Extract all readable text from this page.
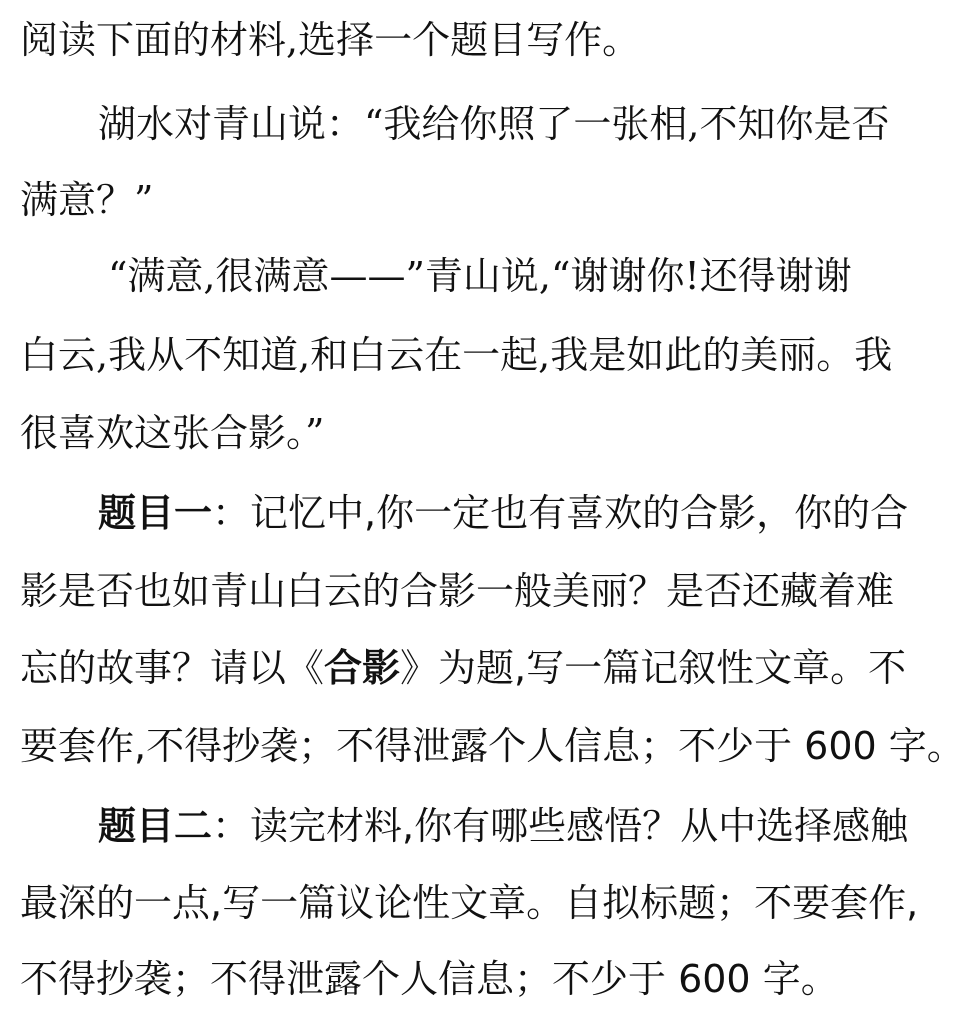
阅读下面的材料,选择一个题目写作。
湖水对青山说：“我给你照了一张相,不知你是否
满意？”
“满意,很满意——”青山说,“谢谢你!还得谢谢
白云,我从不知道,和白云在一起,我是如此的美丽。我
很喜欢这张合影。”
题目一：记忆中,你一定也有喜欢的合影，你的合
影是否也如青山白云的合影一般美丽？是否还藏着难
忘的故事？请以《合影》为题,写一篇记叙性文章。不
要套作,不得抄袭；不得泄露个人信息；不少于 600 字。
题目二：读完材料,你有哪些感悟？从中选择感触
最深的一点,写一篇议论性文章。自拟标题；不要套作,
不得抄袭；不得泄露个人信息；不少于 600 字。
